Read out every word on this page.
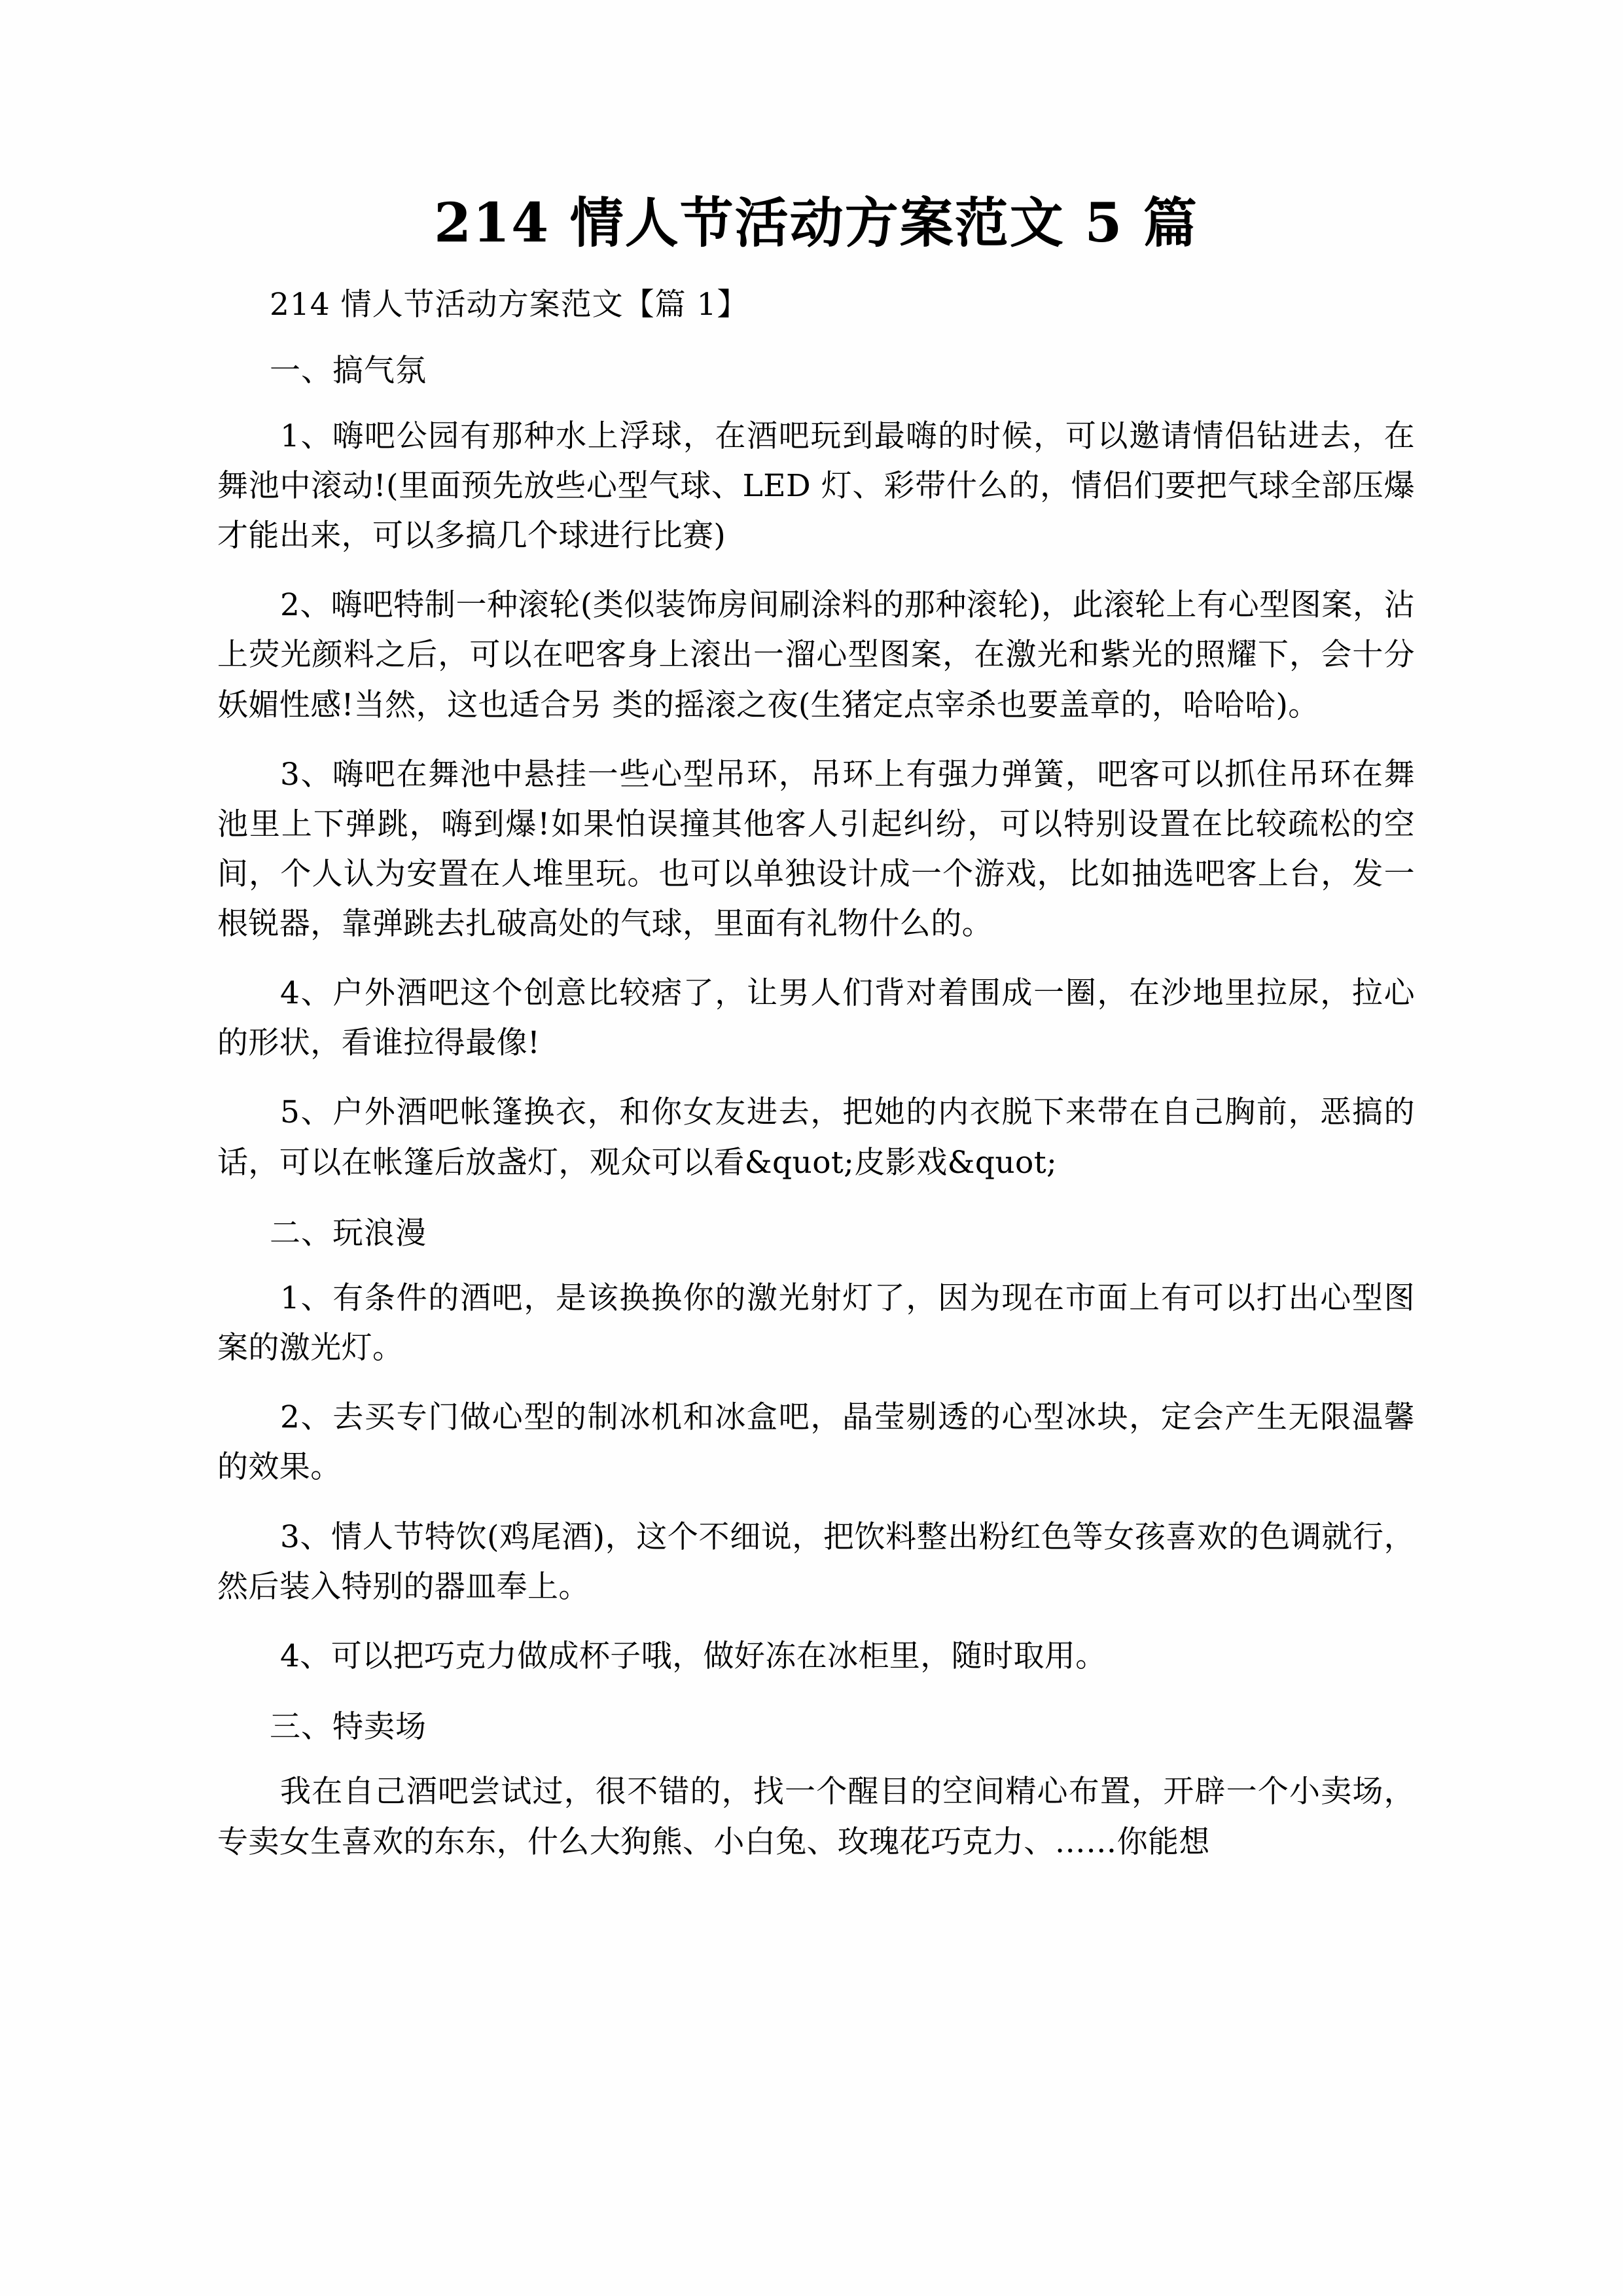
214 情人节活动方案范文 5 篇
214 情人节活动方案范文【篇 1】
一、搞气氛

1、嗨吧公园有那种水上浮球，在酒吧玩到最嗨的时候，可以邀请情侣钻进去，在舞池中滚动!(里面预先放些心型气球、LED 灯、彩带什么的，情侣们要把气球全部压爆才能出来，可以多搞几个球进行比赛)

2、嗨吧特制一种滚轮(类似装饰房间刷涂料的那种滚轮)，此滚轮上有心型图案，沾上荧光颜料之后，可以在吧客身上滚出一溜心型图案，在激光和紫光的照耀下，会十分妖媚性感!当然，这也适合另 类的摇滚之夜(生猪定点宰杀也要盖章的，哈哈哈)。

3、嗨吧在舞池中悬挂一些心型吊环，吊环上有强力弹簧，吧客可以抓住吊环在舞池里上下弹跳，嗨到爆!如果怕误撞其他客人引起纠纷，可以特别设置在比较疏松的空间，个人认为安置在人堆里玩。也可以单独设计成一个游戏，比如抽选吧客上台，发一根锐器，靠弹跳去扎破高处的气球，里面有礼物什么的。

4、户外酒吧这个创意比较痞了，让男人们背对着围成一圈，在沙地里拉尿，拉心的形状，看谁拉得最像!

5、户外酒吧帐篷换衣，和你女友进去，把她的内衣脱下来带在自己胸前，恶搞的话，可以在帐篷后放盏灯，观众可以看&quot;皮影戏&quot;

二、玩浪漫

1、有条件的酒吧，是该换换你的激光射灯了，因为现在市面上有可以打出心型图案的激光灯。

2、去买专门做心型的制冰机和冰盒吧，晶莹剔透的心型冰块，定会产生无限温馨的效果。

3、情人节特饮(鸡尾酒)，这个不细说，把饮料整出粉红色等女孩喜欢的色调就行，然后装入特别的器皿奉上。

4、可以把巧克力做成杯子哦，做好冻在冰柜里，随时取用。

三、特卖场

我在自己酒吧尝试过，很不错的，找一个醒目的空间精心布置，开辟一个小卖场，专卖女生喜欢的东东，什么大狗熊、小白兔、玫瑰花巧克力、……你能想
